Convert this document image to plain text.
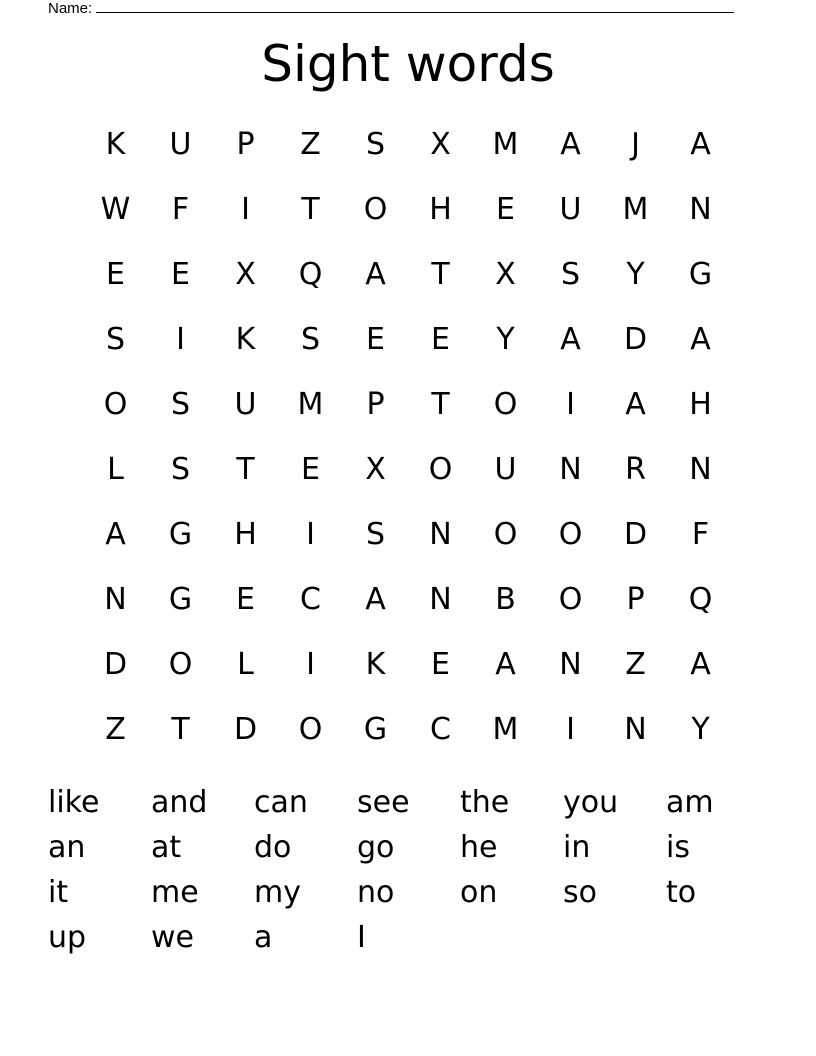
Name:
Sight words
K	U	P	Z	S	X	M	A	J	A
W	F	I	T	O	H	E	U	M	N
E	E	X	Q	A	T	X	S	Y	G
S	I	K	S	E	E	Y	A	D	A
O	S	U	M	P	T	O	I	A	H
L	S	T	E	X	O	U	N	R	N
A	G	H	I	S	N	O	O	D	F
N	G	E	C	A	N	B	O	P	Q
D	O	L	I	K	E	A	N	Z	A
Z	T	D	O	G	C	M	I	N	Y
like	and	can	see	the	you	am
an	at	do	go	he	in	is
it	me	my	no	on	so	to
up	we	a	I
